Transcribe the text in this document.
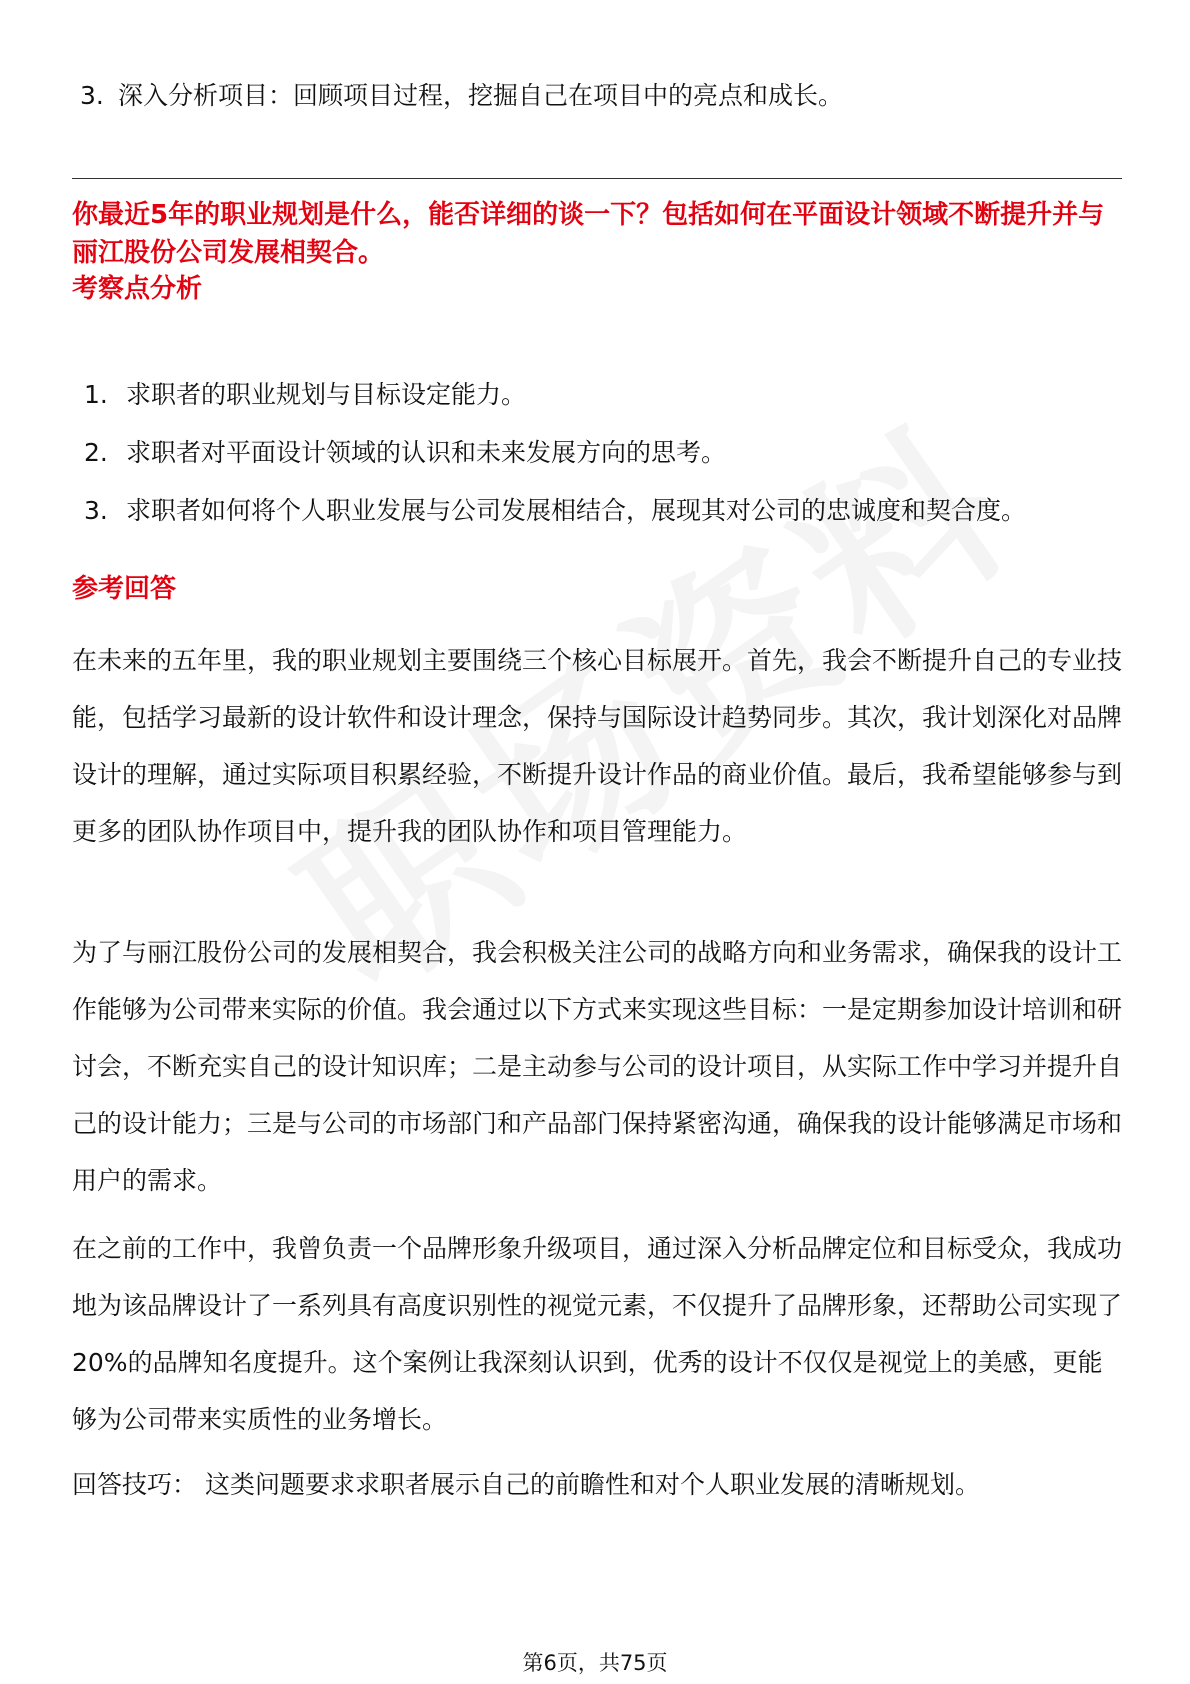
3. 深入分析项目：回顾项目过程，挖掘自己在项目中的亮点和成长。
你最近5年的职业规划是什么，能否详细的谈一下？包括如何在平面设计领域不断提升并与丽江股份公司发展相契合。
考察点分析
1. 求职者的职业规划与目标设定能力。
2. 求职者对平面设计领域的认识和未来发展方向的思考。
3. 求职者如何将个人职业发展与公司发展相结合，展现其对公司的忠诚度和契合度。
参考回答

在未来的五年里，我的职业规划主要围绕三个核心目标展开。首先，我会不断提升自己的专业技能，包括学习最新的设计软件和设计理念，保持与国际设计趋势同步。其次，我计划深化对品牌设计的理解，通过实际项目积累经验，不断提升设计作品的商业价值。最后，我希望能够参与到更多的团队协作项目中，提升我的团队协作和项目管理能力。

为了与丽江股份公司的发展相契合，我会积极关注公司的战略方向和业务需求，确保我的设计工作能够为公司带来实际的价值。我会通过以下方式来实现这些目标：一是定期参加设计培训和研讨会，不断充实自己的设计知识库；二是主动参与公司的设计项目，从实际工作中学习并提升自己的设计能力；三是与公司的市场部门和产品部门保持紧密沟通，确保我的设计能够满足市场和用户的需求。

在之前的工作中，我曾负责一个品牌形象升级项目，通过深入分析品牌定位和目标受众，我成功地为该品牌设计了一系列具有高度识别性的视觉元素，不仅提升了品牌形象，还帮助公司实现了20%的品牌知名度提升。这个案例让我深刻认识到，优秀的设计不仅仅是视觉上的美感，更能够为公司带来实质性的业务增长。

回答技巧： 这类问题要求求职者展示自己的前瞻性和对个人职业发展的清晰规划。

第6页，共75页
